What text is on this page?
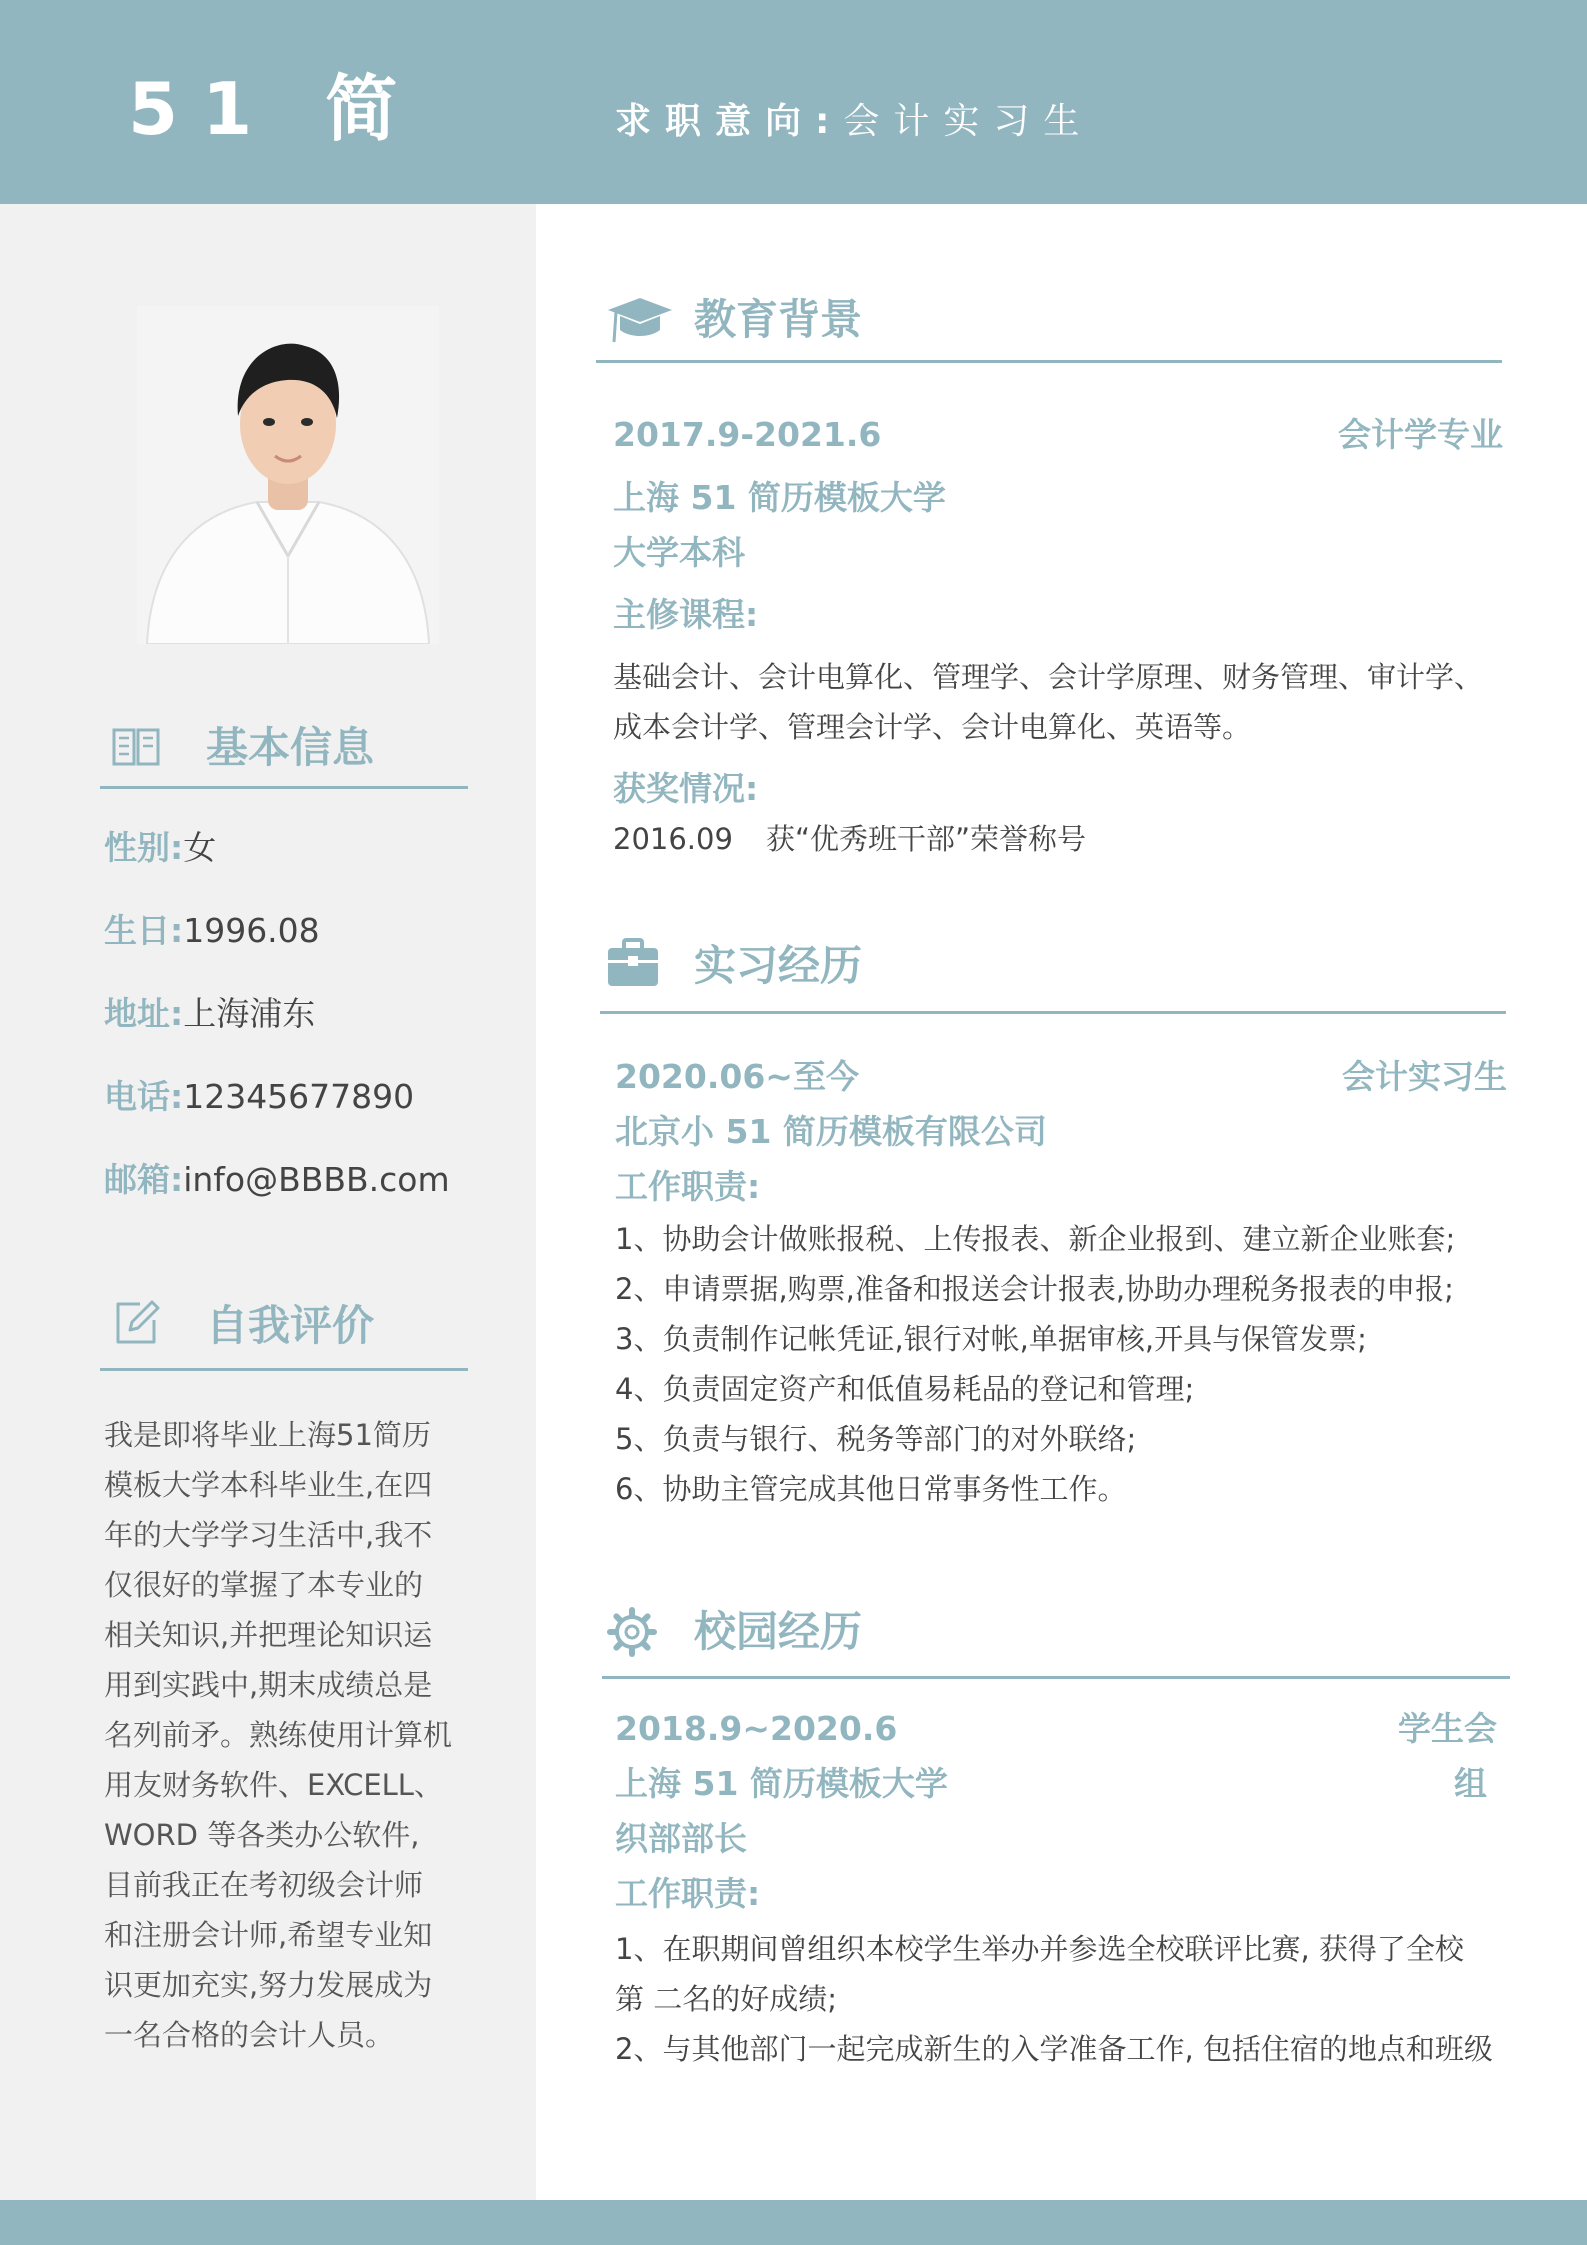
51 简	求职意向:会计实习生
基本信息
性别:女
生日:1996.08
地址:上海浦东
电话:12345677890
邮箱:info@BBBB.com
自我评价

我是即将毕业上海51简历

模板大学本科毕业生,在四

年的大学学习生活中,我不

仅很好的掌握了本专业的

相关知识,并把理论知识运

用到实践中,期末成绩总是

名列前矛。熟练使用计算机

用友财务软件、EXCELL、

WORD 等各类办公软件,

目前我正在考初级会计师

和注册会计师,希望专业知

识更加充实,努力发展成为

一名合格的会计人员。

教育背景
2017.9-2021.6	会计学专业
上海 51 简历模板大学
大学本科
主修课程:
基础会计、会计电算化、管理学、会计学原理、财务管理、审计学、
成本会计学、管理会计学、会计电算化、英语等。
获奖情况:
2016.09 获“优秀班干部”荣誉称号
实习经历
2020.06~至今	会计实习生
北京小 51 简历模板有限公司
工作职责:
1、协助会计做账报税、上传报表、新企业报到、建立新企业账套;
2、申请票据,购票,准备和报送会计报表,协助办理税务报表的申报;
3、负责制作记帐凭证,银行对帐,单据审核,开具与保管发票;
4、负责固定资产和低值易耗品的登记和管理;
5、负责与银行、税务等部门的对外联络;
6、协助主管完成其他日常事务性工作。
校园经历
2018.9~2020.6	学生会
上海 51 简历模板大学	组
织部部长
工作职责:
1、在职期间曾组织本校学生举办并参选全校联评比赛, 获得了全校
第 二名的好成绩;
2、与其他部门一起完成新生的入学准备工作, 包括住宿的地点和班级
